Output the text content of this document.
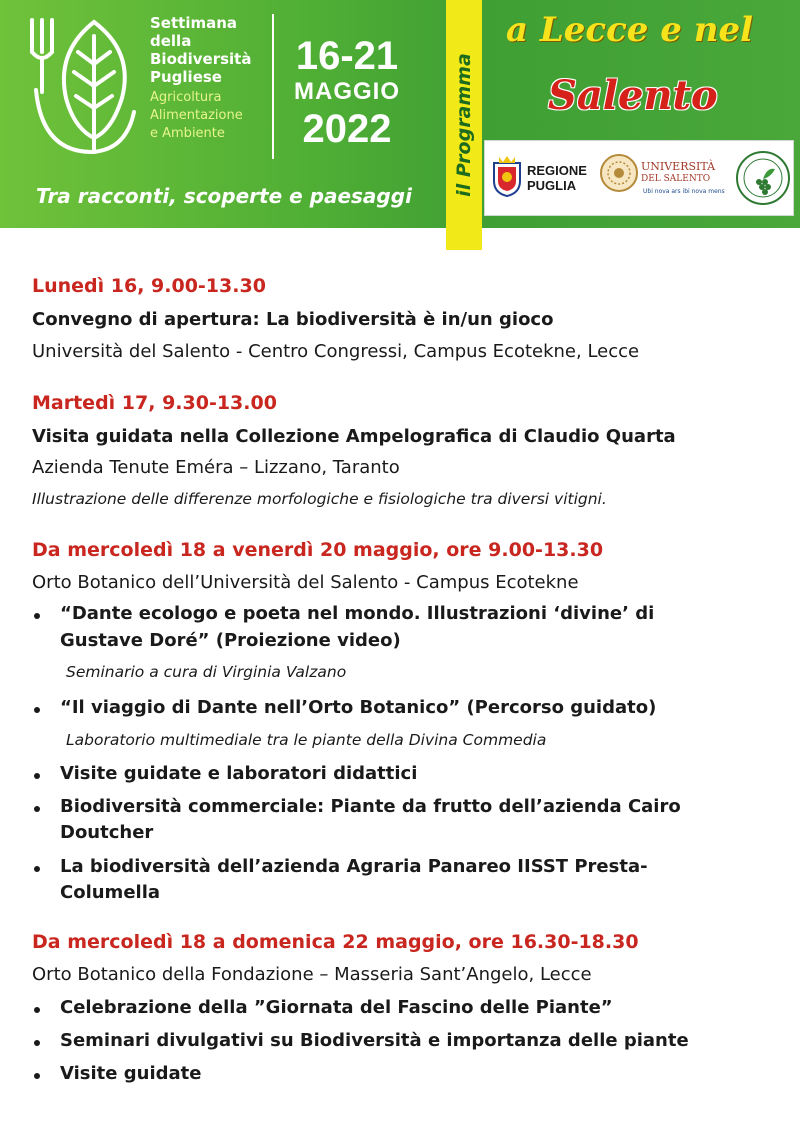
Settimana
della
Biodiversità
Pugliese
Agricoltura
Alimentazione
e Ambiente
16-21
MAGGIO
2022
Tra racconti, scoperte e paesaggi
a Lecce e nel
Salento
REGIONE
PUGLIA
UNIVERSITÀ
DEL SALENTO
Ubi nova ars ibi nova mens
il Programma
Lunedì 16, 9.00-13.30
Convegno di apertura: La biodiversità è in/un gioco
Università del Salento - Centro Congressi, Campus Ecotekne, Lecce
Martedì 17, 9.30-13.00
Visita guidata nella Collezione Ampelografica di Claudio Quarta
Azienda Tenute Eméra – Lizzano, Taranto
Illustrazione delle differenze morfologiche e fisiologiche tra diversi vitigni.
Da mercoledì 18 a venerdì 20 maggio, ore 9.00-13.30
Orto Botanico dell’Università del Salento - Campus Ecotekne
“Dante ecologo e poeta nel mondo. Illustrazioni ‘divine’ di
Gustave Doré” (Proiezione video)
Seminario a cura di Virginia Valzano
“Il viaggio di Dante nell’Orto Botanico” (Percorso guidato)
Laboratorio multimediale tra le piante della Divina Commedia
Visite guidate e laboratori didattici
Biodiversità commerciale: Piante da frutto dell’azienda Cairo
Doutcher
La biodiversità dell’azienda Agraria Panareo IISST Presta-
Columella
Da mercoledì 18 a domenica 22 maggio, ore 16.30-18.30
Orto Botanico della Fondazione – Masseria Sant’Angelo, Lecce
Celebrazione della ”Giornata del Fascino delle Piante”
Seminari divulgativi su Biodiversità e importanza delle piante
Visite guidate
